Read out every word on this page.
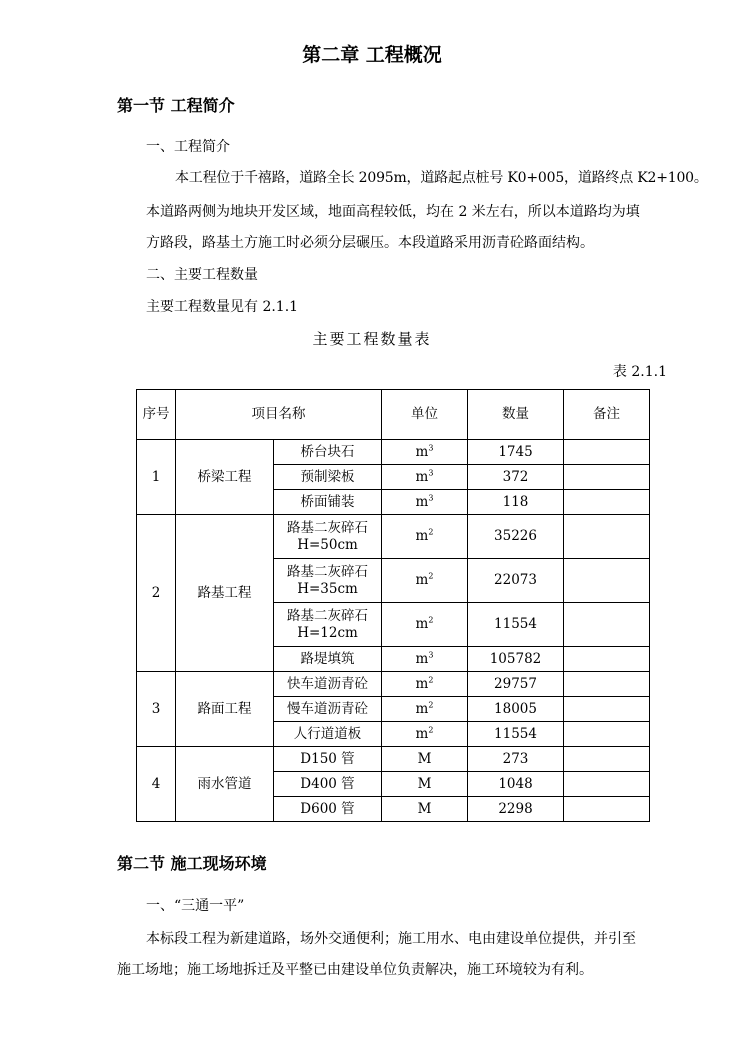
第二章 工程概况
第一节 工程简介
一、工程简介
本工程位于千禧路，道路全长 2095m，道路起点桩号 K0+005，道路终点 K2+100。
本道路两侧为地块开发区域，地面高程较低，均在 2 米左右，所以本道路均为填
方路段，路基土方施工时必须分层碾压。本段道路采用沥青砼路面结构。
二、主要工程数量
主要工程数量见有 2.1.1
主要工程数量表
表 2.1.1
序号	项目名称		单位	数量	备注
1	桥梁工程	桥台块石	$m^3$	1745	

		预制梁板	$m^3$	372	

		桥面铺装	$m^3$	118	
2	路基工程	路基二灰碎石
H=50cm	$m^2$	35226	

		路基二灰碎石
H=35cm	$m^2$	22073	

		路基二灰碎石
H=12cm	$m^2$	11554	

		路堤填筑	$m^3$	105782	
3	路面工程	快车道沥青砼	$m^2$	29757	

		慢车道沥青砼	$m^2$	18005	

		人行道道板	$m^2$	11554	
4	雨水管道	D150 管	M	273	

		D400 管	M	1048	

		D600 管	M	2298	
第二节 施工现场环境
一、“三通一平”
本标段工程为新建道路，场外交通便利；施工用水、电由建设单位提供，并引至
施工场地；施工场地拆迁及平整已由建设单位负责解决，施工环境较为有利。
